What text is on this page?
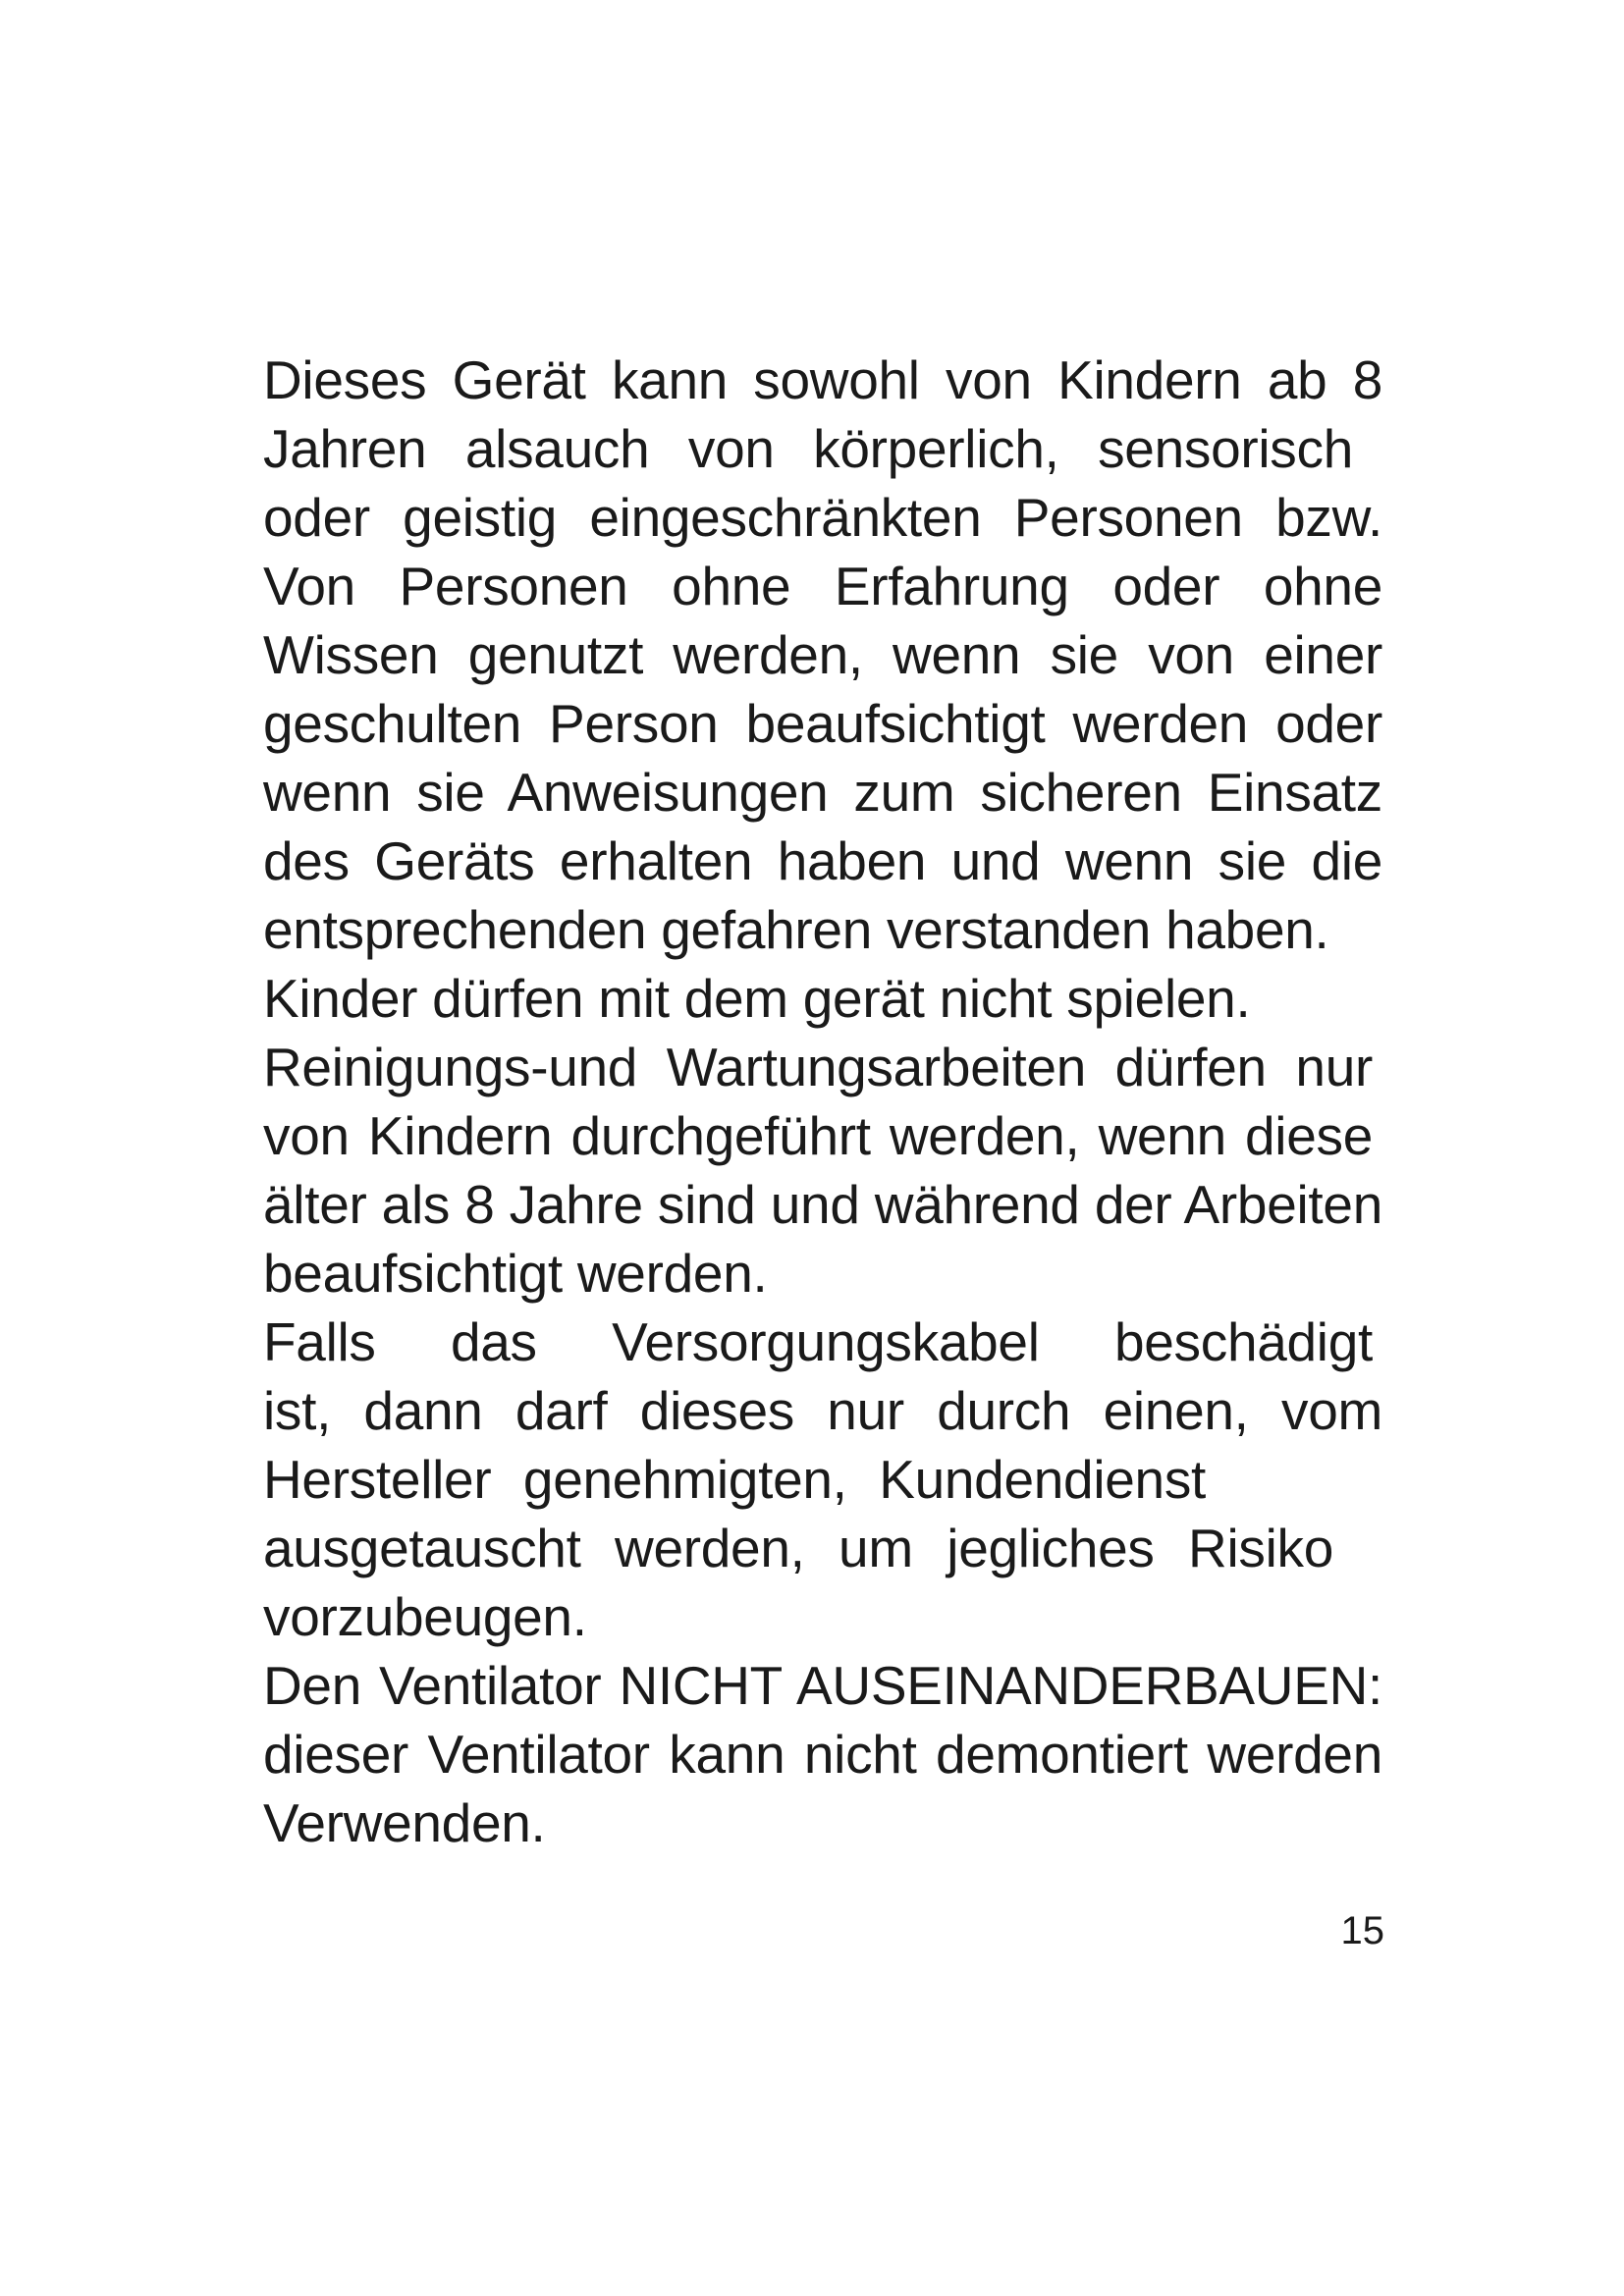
Dieses Gerät kann sowohl von Kindern ab 8
Jahren alsauch von körperlich, sensorisch
oder geistig eingeschränkten Personen bzw.
Von Personen ohne Erfahrung oder ohne
Wissen genutzt werden, wenn sie von einer
geschulten Person beaufsichtigt werden oder
wenn sie Anweisungen zum sicheren Einsatz
des Geräts erhalten haben und wenn sie die
entsprechenden gefahren verstanden haben.
Kinder dürfen mit dem gerät nicht spielen.
Reinigungs-und Wartungsarbeiten dürfen nur
von Kindern durchgeführt werden, wenn diese
älter als 8 Jahre sind und während der Arbeiten
beaufsichtigt werden.
Falls das Versorgungskabel beschädigt
ist, dann darf dieses nur durch einen, vom
Hersteller genehmigten, Kundendienst
ausgetauscht werden, um jegliches Risiko
vorzubeugen.
Den Ventilator NICHT AUSEINANDERBAUEN:
dieser Ventilator kann nicht demontiert werden
Verwenden.
15
